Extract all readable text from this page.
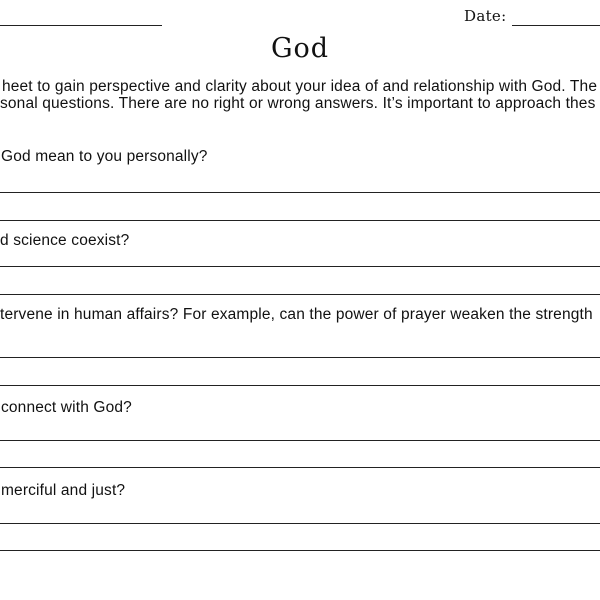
Date:
God
heet to gain perspective and clarity about your idea of and relationship with God. The
sonal questions. There are no right or wrong answers. It’s important to approach thes
God mean to you personally?
d science coexist?
tervene in human affairs? For example, can the power of prayer weaken the strength
connect with God?
merciful and just?
